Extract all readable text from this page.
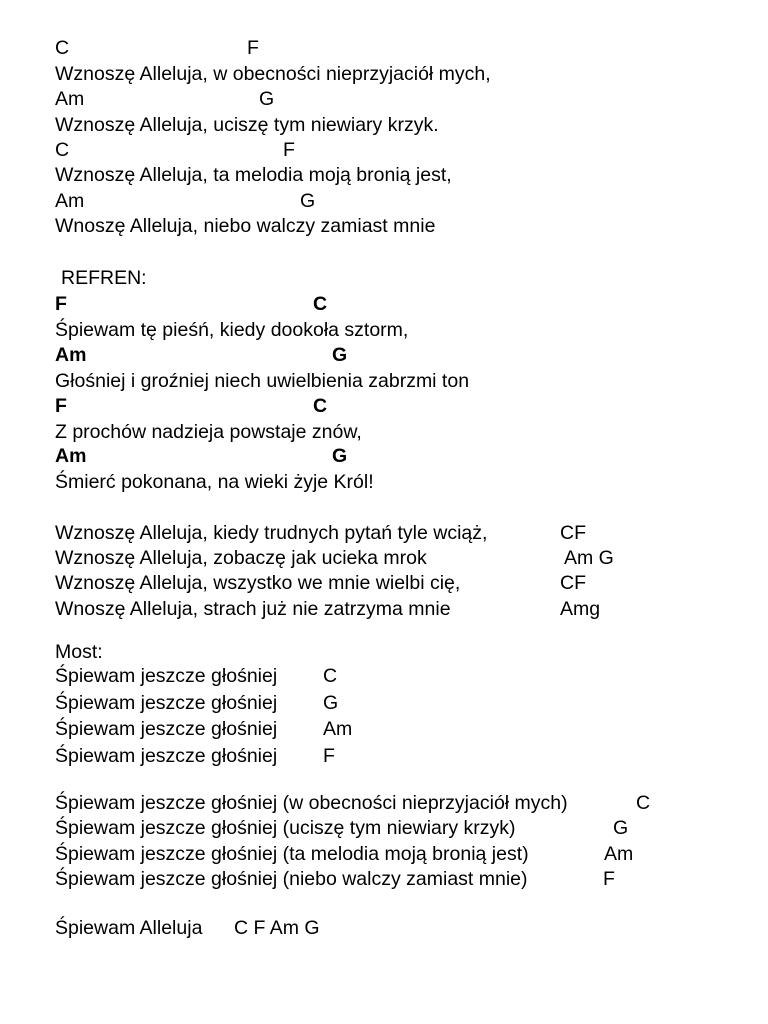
C	F
Wznoszę Alleluja, w obecności nieprzyjaciół mych,
Am	G
Wznoszę Alleluja, uciszę tym niewiary krzyk.
C	F
Wznoszę Alleluja, ta melodia moją bronią jest,
Am	G
Wnoszę Alleluja, niebo walczy zamiast mnie
REFREN:
F	C
Śpiewam tę pieśń, kiedy dookoła sztorm,
Am	G
Głośniej i groźniej niech uwielbienia zabrzmi ton
F	C
Z prochów nadzieja powstaje znów,
Am	G
Śmierć pokonana, na wieki żyje Król!
Wznoszę Alleluja, kiedy trudnych pytań tyle wciąż,	CF
Wznoszę Alleluja, zobaczę jak ucieka mrok	Am G
Wznoszę Alleluja, wszystko we mnie wielbi cię,	CF
Wnoszę Alleluja, strach już nie zatrzyma mnie	Amg
Most:
Śpiewam jeszcze głośniej C
Śpiewam jeszcze głośniej G
Śpiewam jeszcze głośniej Am
Śpiewam jeszcze głośniej F
Śpiewam jeszcze głośniej (w obecności nieprzyjaciół mych)	C
Śpiewam jeszcze głośniej (uciszę tym niewiary krzyk)	G
Śpiewam jeszcze głośniej (ta melodia moją bronią jest)	Am
Śpiewam jeszcze głośniej (niebo walczy zamiast mnie)	F
Śpiewam Alleluja C F Am G
